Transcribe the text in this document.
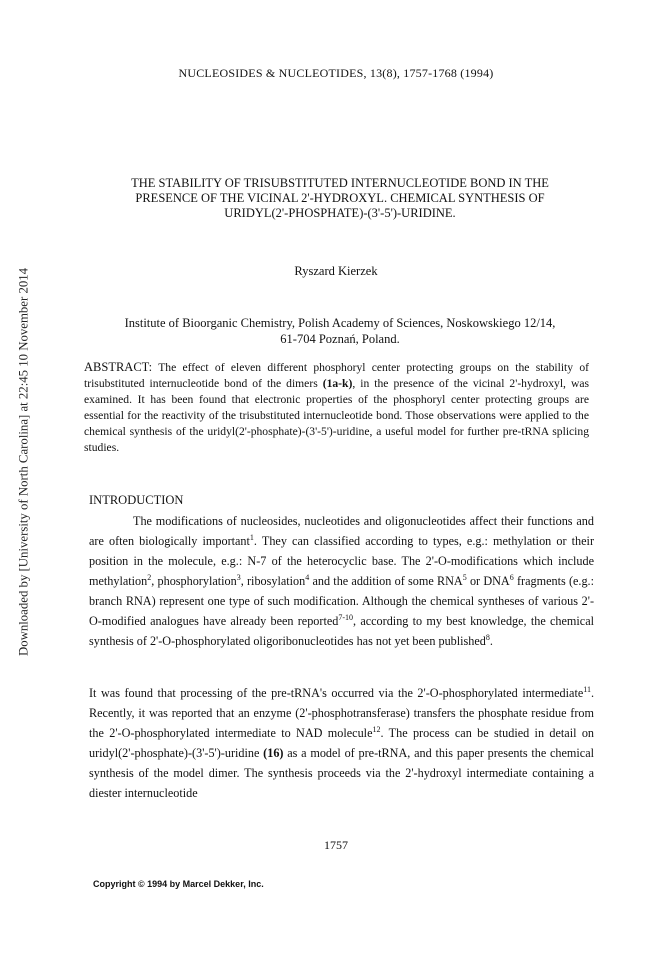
Downloaded by [University of North Carolina] at 22:45 10 November 2014
NUCLEOSIDES & NUCLEOTIDES, 13(8), 1757-1768 (1994)
THE STABILITY OF TRISUBSTITUTED INTERNUCLEOTIDE BOND IN THE
PRESENCE OF THE VICINAL 2'-HYDROXYL. CHEMICAL SYNTHESIS OF
URIDYL(2'-PHOSPHATE)-(3'-5')-URIDINE.
Ryszard Kierzek
Institute of Bioorganic Chemistry, Polish Academy of Sciences, Noskowskiego 12/14,
61-704 Poznań, Poland.
ABSTRACT: The effect of eleven different phosphoryl center protecting groups on the stability of trisubstituted internucleotide bond of the dimers (1a-k), in the presence of the vicinal 2'-hydroxyl, was examined. It has been found that electronic properties of the phosphoryl center protecting groups are essential for the reactivity of the trisubstituted internucleotide bond. Those observations were applied to the chemical synthesis of the uridyl(2'-phosphate)-(3'-5')-uridine, a useful model for further pre-tRNA splicing studies.
INTRODUCTION
The modifications of nucleosides, nucleotides and oligonucleotides affect their functions and are often biologically important$^1$. They can classified according to types, e.g.: methylation or their position in the molecule, e.g.: N-7 of the heterocyclic base. The 2'-O-modifications which include methylation$^2$, phosphorylation$^3$, ribosylation$^4$ and the addition of some RNA$^5$ or DNA$^6$ fragments (e.g.: branch RNA) represent one type of such modification. Although the chemical syntheses of various 2'-O-modified analogues have already been reported$^{7-10}$, according to my best knowledge, the chemical synthesis of 2'-O-phosphorylated oligoribonucleotides has not yet been published$^8$.
It was found that processing of the pre-tRNA's occurred via the 2'-O-phosphorylated intermediate$^{11}$. Recently, it was reported that an enzyme (2'-phosphotransferase) transfers the phosphate residue from the 2'-O-phosphorylated intermediate to NAD molecule$^{12}$. The process can be studied in detail on uridyl(2'-phosphate)-(3'-5')-uridine (16) as a model of pre-tRNA, and this paper presents the chemical synthesis of the model dimer. The synthesis proceeds via the 2'-hydroxyl intermediate containing a diester internucleotide
1757
Copyright © 1994 by Marcel Dekker, Inc.
